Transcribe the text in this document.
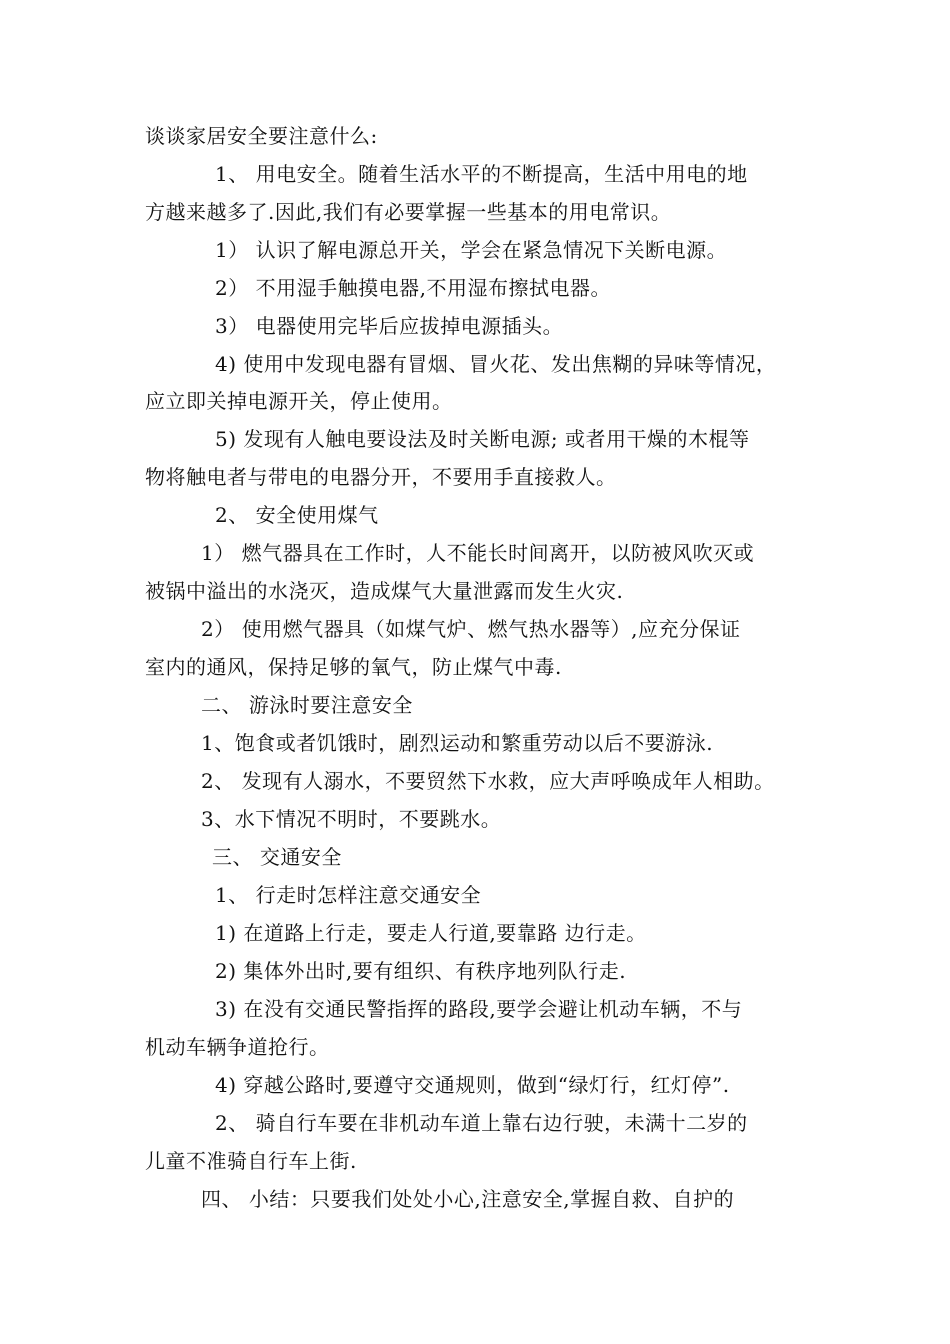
谈谈家居安全要注意什么:
1、 用电安全。随着生活水平的不断提高，生活中用电的地
方越来越多了.因此,我们有必要掌握一些基本的用电常识。
1） 认识了解电源总开关，学会在紧急情况下关断电源。
2） 不用湿手触摸电器,不用湿布擦拭电器。
3） 电器使用完毕后应拔掉电源插头。
4) 使用中发现电器有冒烟、冒火花、发出焦糊的异味等情况，
应立即关掉电源开关，停止使用。
5) 发现有人触电要设法及时关断电源; 或者用干燥的木棍等
物将触电者与带电的电器分开，不要用手直接救人。
2、 安全使用煤气
1） 燃气器具在工作时，人不能长时间离开，以防被风吹灭或
被锅中溢出的水浇灭，造成煤气大量泄露而发生火灾.
2） 使用燃气器具（如煤气炉、燃气热水器等）,应充分保证
室内的通风，保持足够的氧气，防止煤气中毒.
二、 游泳时要注意安全
1、饱食或者饥饿时，剧烈运动和繁重劳动以后不要游泳.
2、 发现有人溺水，不要贸然下水救，应大声呼唤成年人相助。
3、水下情况不明时，不要跳水。
三、 交通安全
1、 行走时怎样注意交通安全
1) 在道路上行走，要走人行道,要靠路 边行走。
2) 集体外出时,要有组织、有秩序地列队行走.
3) 在没有交通民警指挥的路段,要学会避让机动车辆，不与
机动车辆争道抢行。
4) 穿越公路时,要遵守交通规则，做到“绿灯行，红灯停”.
2、 骑自行车要在非机动车道上靠右边行驶，未满十二岁的
儿童不准骑自行车上街.
四、 小结：只要我们处处小心,注意安全,掌握自救、自护的
